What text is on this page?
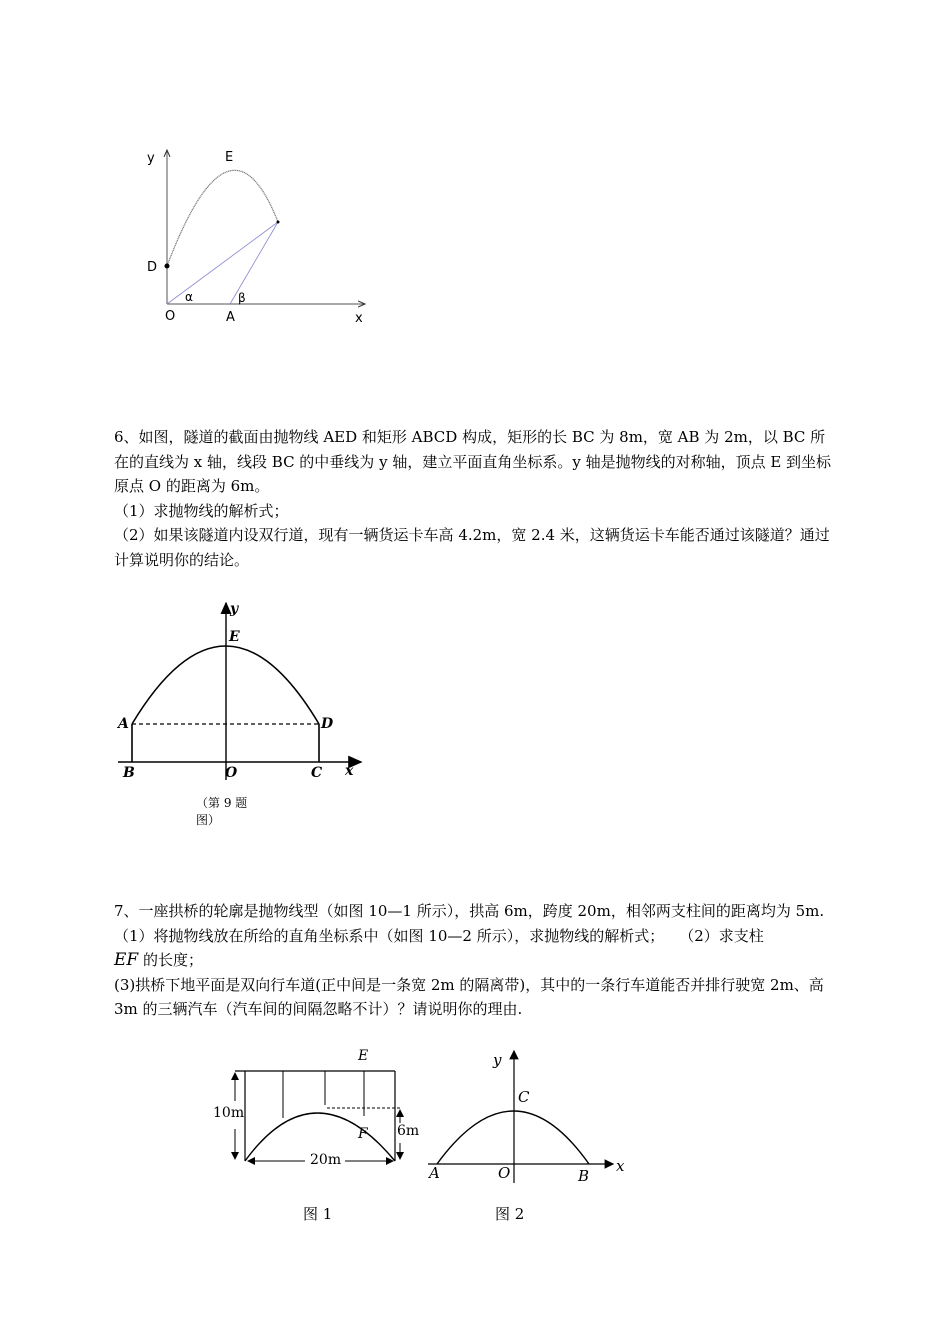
y	E
D
α	β
O	A	x

6、如图，隧道的截面由抛物线 AED 和矩形 ABCD 构成，矩形的长 BC 为 8m，宽 AB 为 2m，以 BC 所在的直线为 x 轴，线段 BC 的中垂线为 y 轴，建立平面直角坐标系。y 轴是抛物线的对称轴，顶点 E 到坐标原点 O 的距离为 6m。

（1）求抛物线的解析式；

（2）如果该隧道内设双行道，现有一辆货运卡车高 4.2m，宽 2.4 米，这辆货运卡车能否通过该隧道？通过计算说明你的结论。

y
E
A	D
B	O	C x
（第 9 题
图）

7、一座拱桥的轮廓是抛物线型（如图 10—1 所示），拱高 6m，跨度 20m，相邻两支柱间的距离均为 5m.（1）将抛物线放在所给的直角坐标系中（如图 10—2 所示），求抛物线的解析式；　　（2）求支柱
EF 的长度；

(3)拱桥下地平面是双向行车道(正中间是一条宽 2m 的隔离带)，其中的一条行车道能否并排行驶宽 2m、高 3m 的三辆汽车（汽车间的间隔忽略不计）？请说明你的理由.

E
F
10m
6m
20m
图 1
y
C
A	O	B
x
图 2
